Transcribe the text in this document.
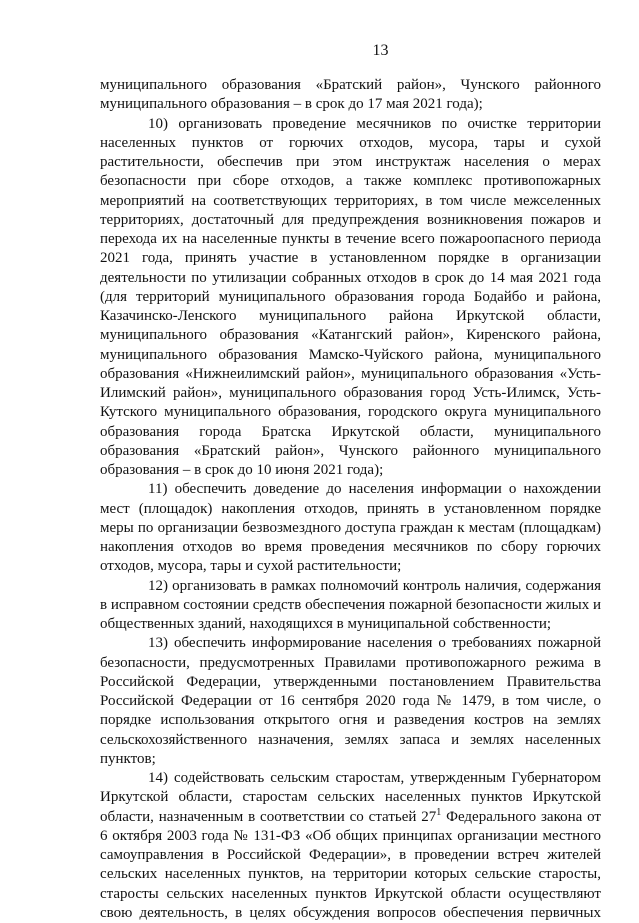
13

муниципального образования «Братский район», Чунского районного муниципального образования – в срок до 17 мая 2021 года);

10) организовать проведение месячников по очистке территории населенных пунктов от горючих отходов, мусора, тары и сухой растительности, обеспечив при этом инструктаж населения о мерах безопасности при сборе отходов, а также комплекс противопожарных мероприятий на соответствующих территориях, в том числе межселенных территориях, достаточный для предупреждения возникновения пожаров и перехода их на населенные пункты в течение всего пожароопасного периода 2021 года, принять участие в установленном порядке в организации деятельности по утилизации собранных отходов в срок до 14 мая 2021 года (для территорий муниципального образования города Бодайбо и района, Казачинско-Ленского муниципального района Иркутской области, муниципального образования «Катангский район», Киренского района, муниципального образования Мамско-Чуйского района, муниципального образования «Нижнеилимский район», муниципального образования «Усть-Илимский район», муниципального образования город Усть-Илимск, Усть-Кутского муниципального образования, городского округа муниципального образования города Братска Иркутской области, муниципального образования «Братский район», Чунского районного муниципального образования – в срок до 10 июня 2021 года);

11) обеспечить доведение до населения информации о нахождении мест (площадок) накопления отходов, принять в установленном порядке меры по организации безвозмездного доступа граждан к местам (площадкам) накопления отходов во время проведения месячников по сбору горючих отходов, мусора, тары и сухой растительности;

12) организовать в рамках полномочий контроль наличия, содержания в исправном состоянии средств обеспечения пожарной безопасности жилых и общественных зданий, находящихся в муниципальной собственности;

13) обеспечить информирование населения о требованиях пожарной безопасности, предусмотренных Правилами противопожарного режима в Российской Федерации, утвержденными постановлением Правительства Российской Федерации от 16 сентября 2020 года № 1479, в том числе, о порядке использования открытого огня и разведения костров на землях сельскохозяйственного назначения, землях запаса и землях населенных пунктов;

14) содействовать сельским старостам, утвержденным Губернатором Иркутской области, старостам сельских населенных пунктов Иркутской области, назначенным в соответствии со статьей $27^1$ Федерального закона от 6 октября 2003 года № 131-ФЗ «Об общих принципах организации местного самоуправления в Российской Федерации», в проведении встреч жителей сельских населенных пунктов, на территории которых сельские старосты, старосты сельских населенных пунктов Иркутской области осуществляют свою деятельность, в целях обсуждения вопросов обеспечения первичных
